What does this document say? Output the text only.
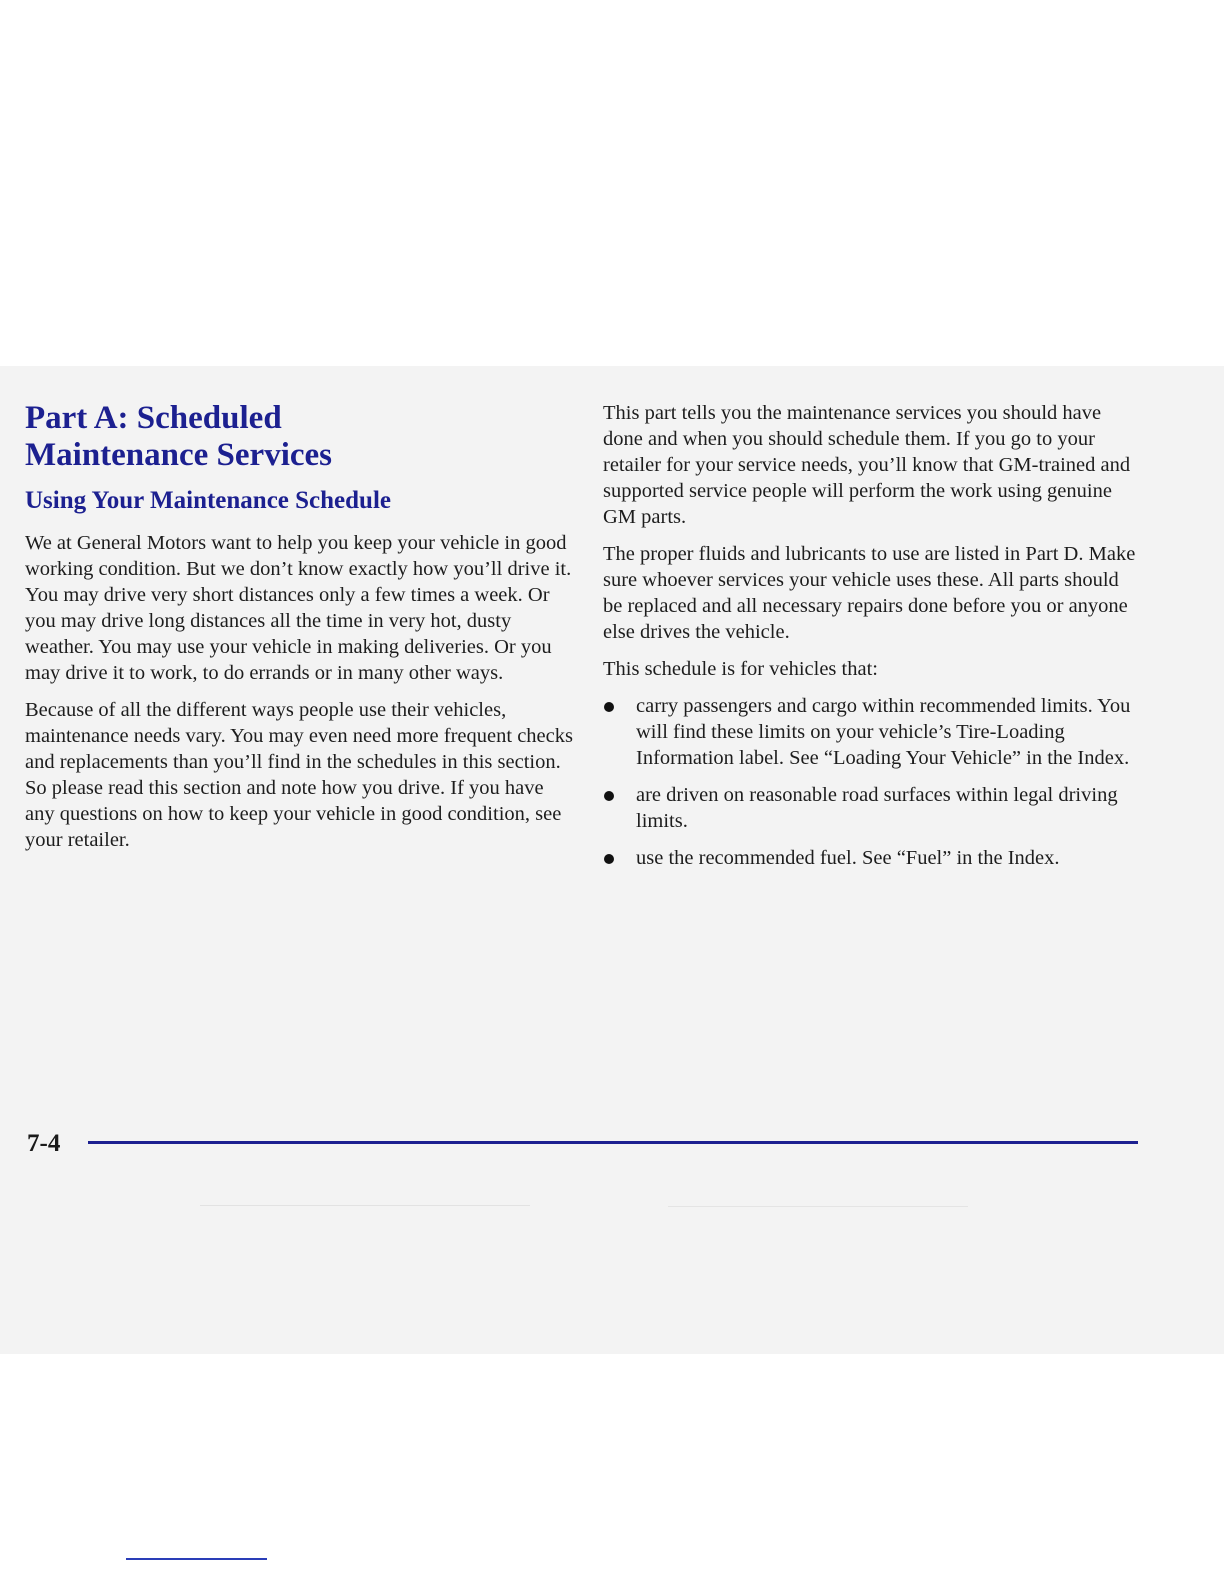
Part A: Scheduled
Maintenance Services
Using Your Maintenance Schedule

We at General Motors want to help you keep your vehicle in good working condition. But we don’t know exactly how you’ll drive it. You may drive very short distances only a few times a week. Or you may drive long distances all the time in very hot, dusty weather. You may use your vehicle in making deliveries. Or you may drive it to work, to do errands or in many other ways.

Because of all the different ways people use their vehicles, maintenance needs vary. You may even need more frequent checks and replacements than you’ll find in the schedules in this section. So please read this section and note how you drive. If you have any questions on how to keep your vehicle in good condition, see your retailer.

This part tells you the maintenance services you should have done and when you should schedule them. If you go to your retailer for your service needs, you’ll know that GM-trained and supported service people will perform the work using genuine GM parts.

The proper fluids and lubricants to use are listed in Part D. Make sure whoever services your vehicle uses these. All parts should be replaced and all necessary repairs done before you or anyone else drives the vehicle.

This schedule is for vehicles that:

carry passengers and cargo within recommended limits. You will find these limits on your vehicle’s Tire-Loading Information label. See “Loading Your Vehicle” in the Index.
are driven on reasonable road surfaces within legal driving limits.
use the recommended fuel. See “Fuel” in the Index.
7-4
